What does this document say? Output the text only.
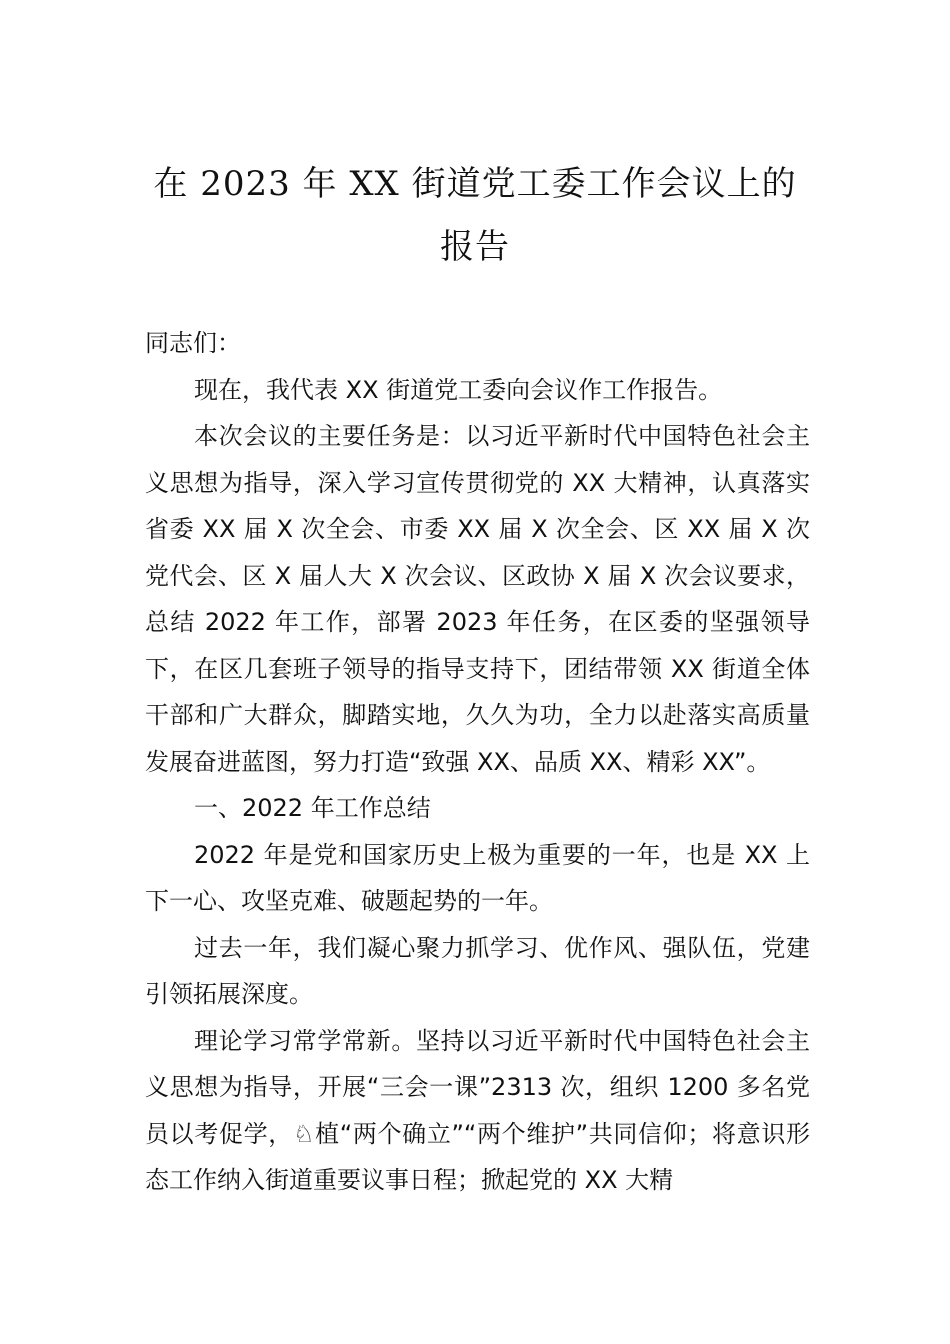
在 2023 年 XX 街道党工委工作会议上的
报告

同志们：

现在，我代表 XX 街道党工委向会议作工作报告。

本次会议的主要任务是：以习近平新时代中国特色社会主义思想为指导，深入学习宣传贯彻党的 XX 大精神，认真落实省委 XX 届 X 次全会、市委 XX 届 X 次全会、区 XX 届 X 次党代会、区 X 届人大 X 次会议、区政协 X 届 X 次会议要求，总结 2022 年工作，部署 2023 年任务，在区委的坚强领导下，在区几套班子领导的指导支持下，团结带领 XX 街道全体干部和广大群众，脚踏实地，久久为功，全力以赴落实高质量发展奋进蓝图，努力打造“致强 XX、品质 XX、精彩 XX”。

一、2022 年工作总结

2022 年是党和国家历史上极为重要的一年，也是 XX 上下一心、攻坚克难、破题起势的一年。

过去一年，我们凝心聚力抓学习、优作风、强队伍，党建引领拓展深度。

理论学习常学常新。坚持以习近平新时代中国特色社会主义思想为指导，开展“三会一课”2313 次，组织 1200 多名党员以考促学，♘植“两个确立”“两个维护”共同信仰；将意识形态工作纳入街道重要议事日程；掀起党的 XX 大精
